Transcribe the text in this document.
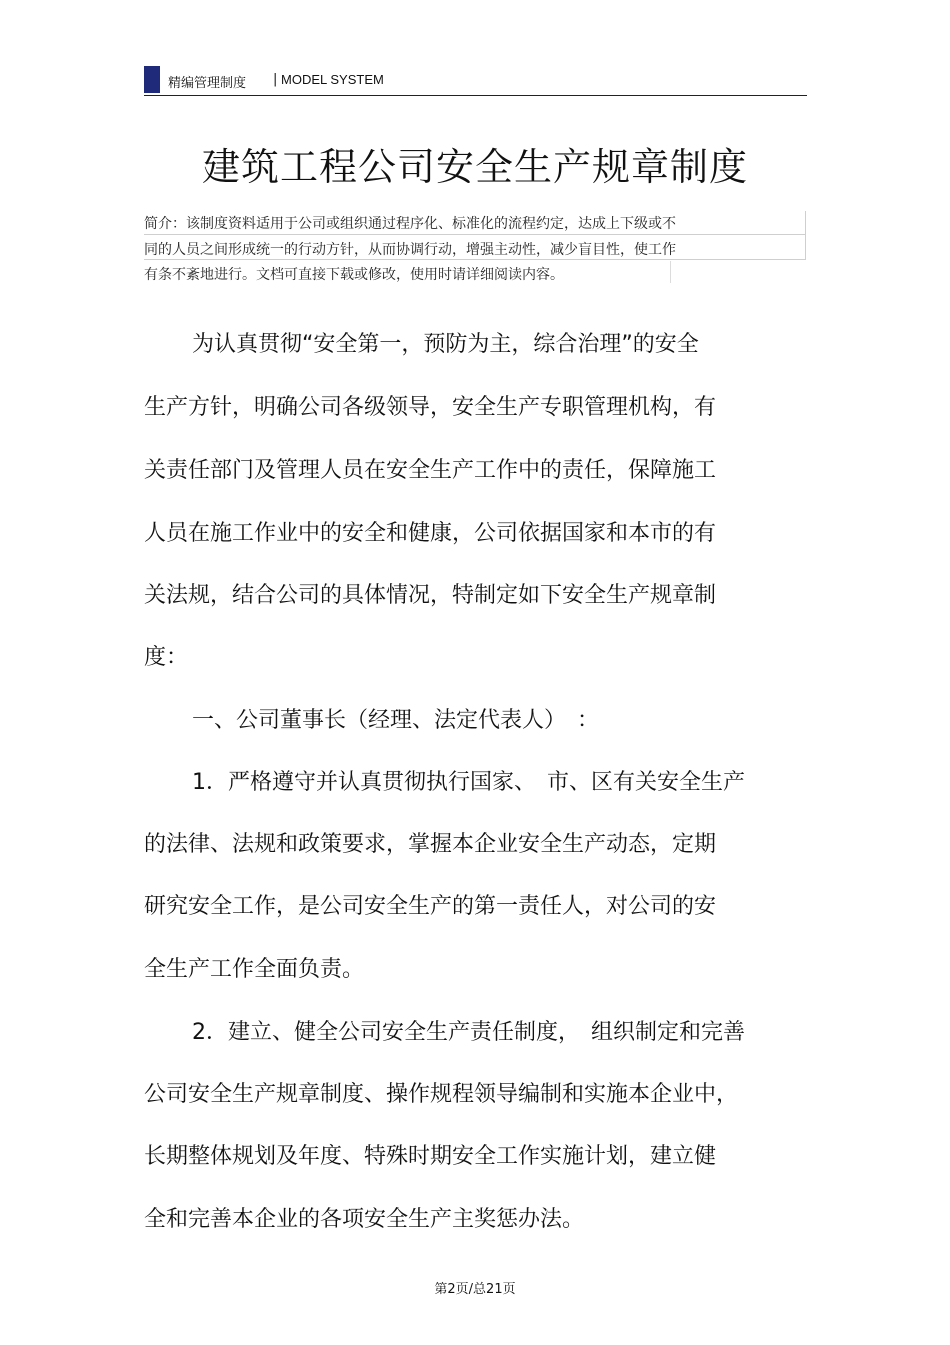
精编管理制度 | MODEL SYSTEM
建筑工程公司安全生产规章制度
简介：该制度资料适用于公司或组织通过程序化、标准化的流程约定，达成上下级或不
同的人员之间形成统一的行动方针，从而协调行动，增强主动性，减少盲目性，使工作
有条不紊地进行。文档可直接下载或修改，使用时请详细阅读内容。
为认真贯彻“安全第一，预防为主，综合治理”的安全
生产方针，明确公司各级领导，安全生产专职管理机构，有
关责任部门及管理人员在安全生产工作中的责任，保障施工
人员在施工作业中的安全和健康，公司依据国家和本市的有
关法规，结合公司的具体情况，特制定如下安全生产规章制
度：
一、公司董事长（经理、法定代表人）　：
1．严格遵守并认真贯彻执行国家、　市、区有关安全生产
的法律、法规和政策要求，掌握本企业安全生产动态，定期
研究安全工作，是公司安全生产的第一责任人，对公司的安
全生产工作全面负责。
2．建立、健全公司安全生产责任制度，　组织制定和完善
公司安全生产规章制度、操作规程领导编制和实施本企业中，
长期整体规划及年度、特殊时期安全工作实施计划，建立健
全和完善本企业的各项安全生产主奖惩办法。
第2页/总21页
